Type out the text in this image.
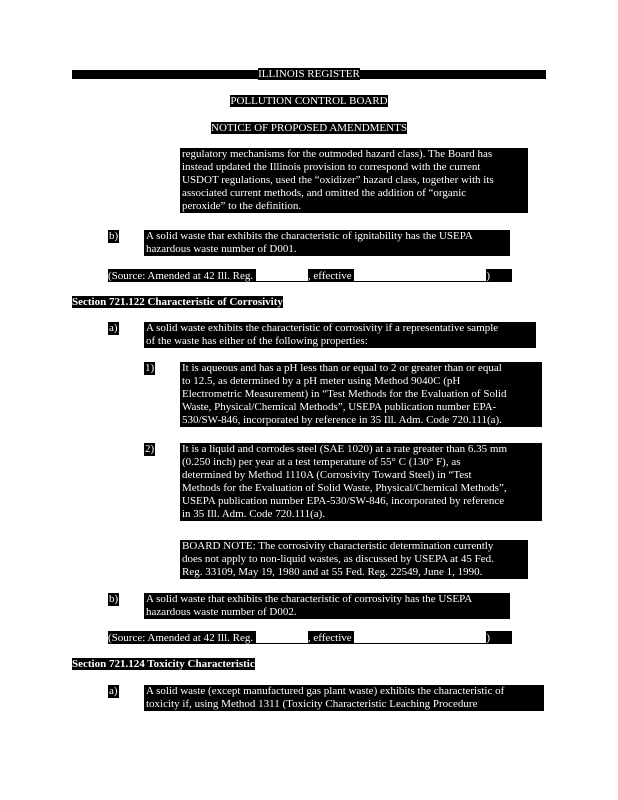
ILLINOIS REGISTER
POLLUTION CONTROL BOARD
NOTICE OF PROPOSED AMENDMENTS
regulatory mechanisms for the outmoded hazard class). The Board has
instead updated the Illinois provision to correspond with the current
USDOT regulations, used the “oxidizer” hazard class, together with its
associated current methods, and omitted the addition of “organic
peroxide” to the definition.
b)	A solid waste that exhibits the characteristic of ignitability has the USEPA
hazardous waste number of D001.
(Source: Amended at 42 Ill. Reg.	, effective	)
Section 721.122 Characteristic of Corrosivity
a)	A solid waste exhibits the characteristic of corrosivity if a representative sample
of the waste has either of the following properties:
1)	It is aqueous and has a pH less than or equal to 2 or greater than or equal
to 12.5, as determined by a pH meter using Method 9040C (pH
Electrometric Measurement) in “Test Methods for the Evaluation of Solid
Waste, Physical/Chemical Methods”, USEPA publication number EPA-
530/SW-846, incorporated by reference in 35 Ill. Adm. Code 720.111(a).
2)	It is a liquid and corrodes steel (SAE 1020) at a rate greater than 6.35 mm
(0.250 inch) per year at a test temperature of 55° C (130° F), as
determined by Method 1110A (Corrosivity Toward Steel) in “Test
Methods for the Evaluation of Solid Waste, Physical/Chemical Methods”,
USEPA publication number EPA-530/SW-846, incorporated by reference
in 35 Ill. Adm. Code 720.111(a).
BOARD NOTE: The corrosivity characteristic determination currently
does not apply to non-liquid wastes, as discussed by USEPA at 45 Fed.
Reg. 33109, May 19, 1980 and at 55 Fed. Reg. 22549, June 1, 1990.
b)	A solid waste that exhibits the characteristic of corrosivity has the USEPA
hazardous waste number of D002.
(Source: Amended at 42 Ill. Reg.	, effective	)
Section 721.124 Toxicity Characteristic
a)	A solid waste (except manufactured gas plant waste) exhibits the characteristic of
toxicity if, using Method 1311 (Toxicity Characteristic Leaching Procedure
